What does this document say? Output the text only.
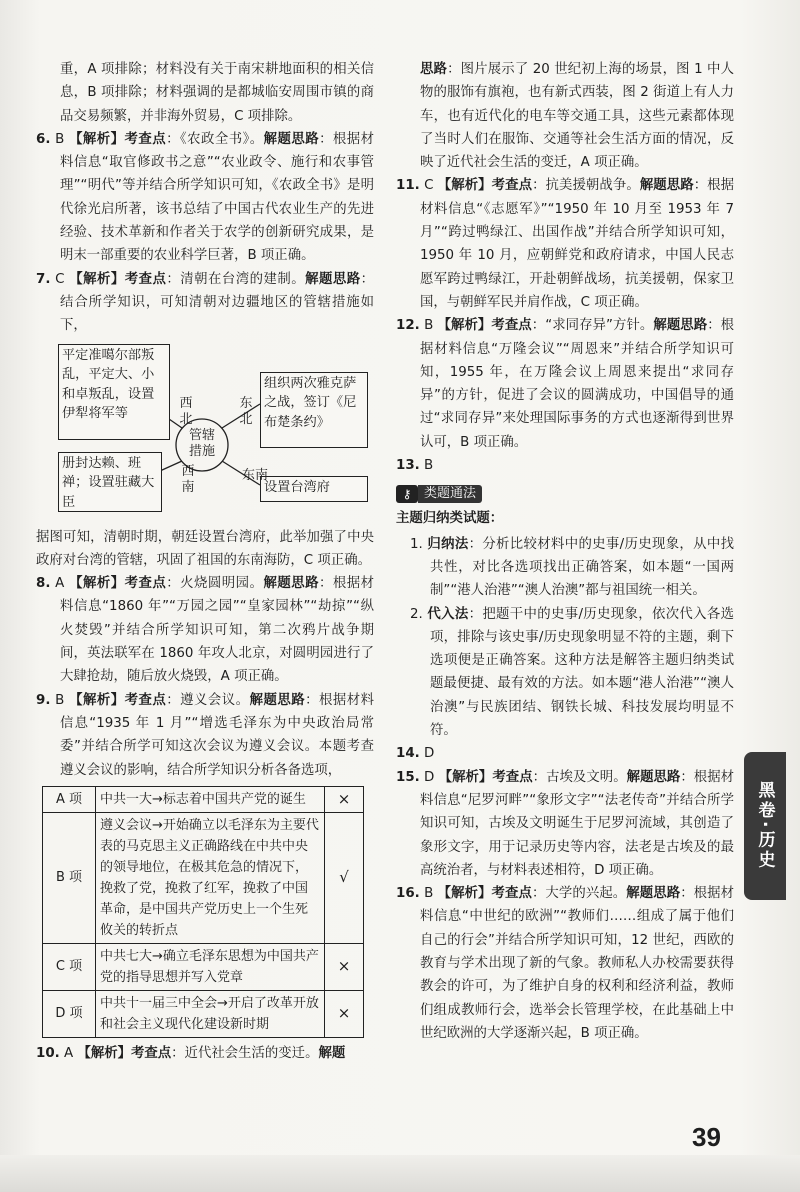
重，A 项排除；材料没有关于南宋耕地面积的相关信息，B 项排除；材料强调的是都城临安周围市镇的商品交易频繁，并非海外贸易，C 项排除。

6. B 【解析】考查点：《农政全书》。解题思路：根据材料信息“取官修政书之意”“农业政令、施行和农事管理”“明代”等并结合所学知识可知，《农政全书》是明代徐光启所著，该书总结了中国古代农业生产的先进经验、技术革新和作者关于农学的创新研究成果，是明末一部重要的农业科学巨著，B 项正确。

7. C 【解析】考查点：清朝在台湾的建制。解题思路：结合所学知识，可知清朝对边疆地区的管辖措施如下，

平定准噶尔部叛乱，平定大、小和卓叛乱，设置伊犁将军等
组织两次雅克萨之战，签订《尼布楚条约》
册封达赖、班禅；设置驻藏大臣
设置台湾府
西北
东北
西南
东南
管辖措施

据图可知，清朝时期，朝廷设置台湾府，此举加强了中央政府对台湾的管辖，巩固了祖国的东南海防，C 项正确。

8. A 【解析】考查点：火烧圆明园。解题思路：根据材料信息“1860 年”“万园之园”“皇家园林”“劫掠”“纵火焚毁”并结合所学知识可知，第二次鸦片战争期间，英法联军在 1860 年攻人北京，对圆明园进行了大肆抢劫，随后放火烧毁，A 项正确。

9. B 【解析】考查点：遵义会议。解题思路：根据材料信息“1935 年 1 月”“增选毛泽东为中央政治局常委”并结合所学可知这次会议为遵义会议。本题考查遵义会议的影响，结合所学知识分析各备选项，

A 项	中共一大→标志着中国共产党的诞生	×
B 项	遵义会议→开始确立以毛泽东为主要代表的马克思主义正确路线在中共中央的领导地位，在极其危急的情况下，挽救了党，挽救了红军，挽救了中国革命，是中国共产党历史上一个生死攸关的转折点	√
C 项	中共七大→确立毛泽东思想为中国共产党的指导思想并写入党章	×
D 项	中共十一届三中全会→开启了改革开放和社会主义现代化建设新时期	×

10. A 【解析】考查点：近代社会生活的变迁。解题

思路：图片展示了 20 世纪初上海的场景，图 1 中人物的服饰有旗袍，也有新式西装，图 2 街道上有人力车，也有近代化的电车等交通工具，这些元素都体现了当时人们在服饰、交通等社会生活方面的情况，反映了近代社会生活的变迁，A 项正确。

11. C 【解析】考查点：抗美援朝战争。解题思路：根据材料信息“《志愿军》”“1950 年 10 月至 1953 年 7 月”“跨过鸭绿江、出国作战”并结合所学知识可知，1950 年 10 月，应朝鲜党和政府请求，中国人民志愿军跨过鸭绿江，开赴朝鲜战场，抗美援朝，保家卫国，与朝鲜军民并肩作战，C 项正确。

12. B 【解析】考查点：“求同存异”方针。解题思路：根据材料信息“万隆会议”“周恩来”并结合所学知识可知，1955 年，在万隆会议上周恩来提出“求同存异”的方针，促进了会议的圆满成功，中国倡导的通过“求同存异”来处理国际事务的方式也逐渐得到世界认可，B 项正确。

13. B

⚷ 类题通法

主题归纳类试题：

1. 归纳法：分析比较材料中的史事/历史现象，从中找共性，对比各选项找出正确答案，如本题“一国两制”“港人治港”“澳人治澳”都与祖国统一相关。

2. 代入法：把题干中的史事/历史现象，依次代入各选项，排除与该史事/历史现象明显不符的主题，剩下选项便是正确答案。这种方法是解答主题归纳类试题最便捷、最有效的方法。如本题“港人治港”“澳人治澳”与民族团结、钢铁长城、科技发展均明显不符。

14. D

15. D 【解析】考查点：古埃及文明。解题思路：根据材料信息“尼罗河畔”“象形文字”“法老传奇”并结合所学知识可知，古埃及文明诞生于尼罗河流域，其创造了象形文字，用于记录历史等内容，法老是古埃及的最高统治者，与材料表述相符，D 项正确。

16. B 【解析】考查点：大学的兴起。解题思路：根据材料信息“中世纪的欧洲”“教师们……组成了属于他们自己的行会”并结合所学知识可知，12 世纪，西欧的教育与学术出现了新的气象。教师私人办校需要获得教会的许可，为了维护自身的权利和经济利益，教师们组成教师行会，选举会长管理学校，在此基础上中世纪欧洲的大学逐渐兴起，B 项正确。

黑卷·历史
39
